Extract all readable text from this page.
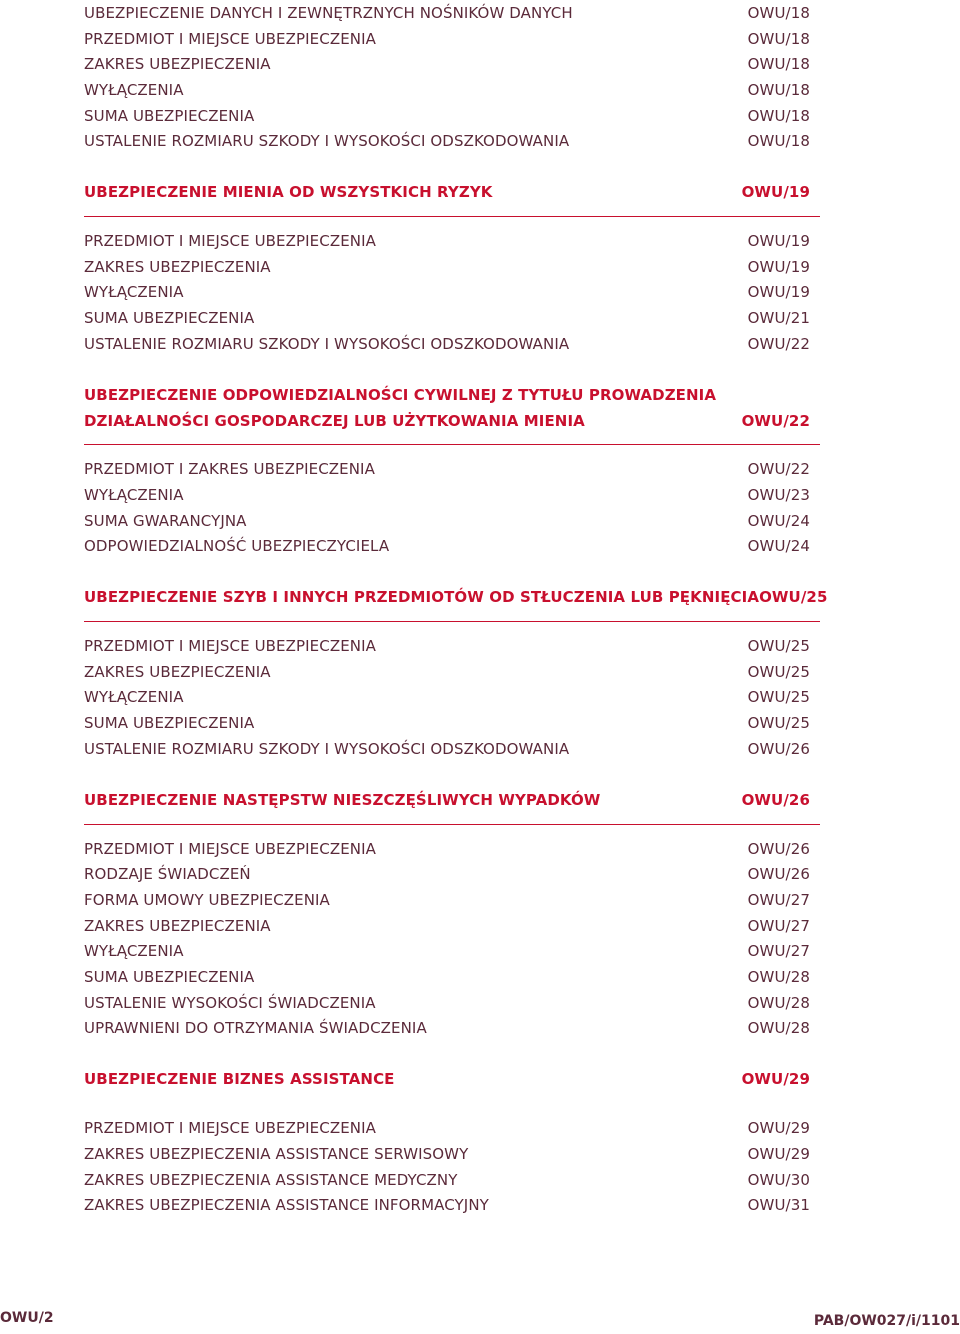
UBEZPIECZENIE DANYCH I ZEWNĘTRZNYCH NOŚNIKÓW DANYCH	OWU/18
PRZEDMIOT I MIEJSCE UBEZPIECZENIA	OWU/18
ZAKRES UBEZPIECZENIA	OWU/18
WYŁĄCZENIA	OWU/18
SUMA UBEZPIECZENIA	OWU/18
USTALENIE ROZMIARU SZKODY I WYSOKOŚCI ODSZKODOWANIA	OWU/18
UBEZPIECZENIE MIENIA OD WSZYSTKICH RYZYK	OWU/19
PRZEDMIOT I MIEJSCE UBEZPIECZENIA	OWU/19
ZAKRES UBEZPIECZENIA	OWU/19
WYŁĄCZENIA	OWU/19
SUMA UBEZPIECZENIA	OWU/21
USTALENIE ROZMIARU SZKODY I WYSOKOŚCI ODSZKODOWANIA	OWU/22
UBEZPIECZENIE ODPOWIEDZIALNOŚCI CYWILNEJ Z TYTUŁU PROWADZENIA
DZIAŁALNOŚCI GOSPODARCZEJ LUB UŻYTKOWANIA MIENIA	OWU/22
PRZEDMIOT I ZAKRES UBEZPIECZENIA	OWU/22
WYŁĄCZENIA	OWU/23
SUMA GWARANCYJNA	OWU/24
ODPOWIEDZIALNOŚĆ UBEZPIECZYCIELA	OWU/24
UBEZPIECZENIE SZYB I INNYCH PRZEDMIOTÓW OD STŁUCZENIA LUB PĘKNIĘCIA OWU/25
PRZEDMIOT I MIEJSCE UBEZPIECZENIA	OWU/25
ZAKRES UBEZPIECZENIA	OWU/25
WYŁĄCZENIA	OWU/25
SUMA UBEZPIECZENIA	OWU/25
USTALENIE ROZMIARU SZKODY I WYSOKOŚCI ODSZKODOWANIA	OWU/26
UBEZPIECZENIE NASTĘPSTW NIESZCZĘŚLIWYCH WYPADKÓW	OWU/26
PRZEDMIOT I MIEJSCE UBEZPIECZENIA	OWU/26
RODZAJE ŚWIADCZEŃ	OWU/26
FORMA UMOWY UBEZPIECZENIA	OWU/27
ZAKRES UBEZPIECZENIA	OWU/27
WYŁĄCZENIA	OWU/27
SUMA UBEZPIECZENIA	OWU/28
USTALENIE WYSOKOŚCI ŚWIADCZENIA	OWU/28
UPRAWNIENI DO OTRZYMANIA ŚWIADCZENIA	OWU/28
UBEZPIECZENIE BIZNES ASSISTANCE	OWU/29
PRZEDMIOT I MIEJSCE UBEZPIECZENIA	OWU/29
ZAKRES UBEZPIECZENIA ASSISTANCE SERWISOWY	OWU/29
ZAKRES UBEZPIECZENIA ASSISTANCE MEDYCZNY	OWU/30
ZAKRES UBEZPIECZENIA ASSISTANCE INFORMACYJNY	OWU/31
OWU/2	PAB/OW027/i/1101
